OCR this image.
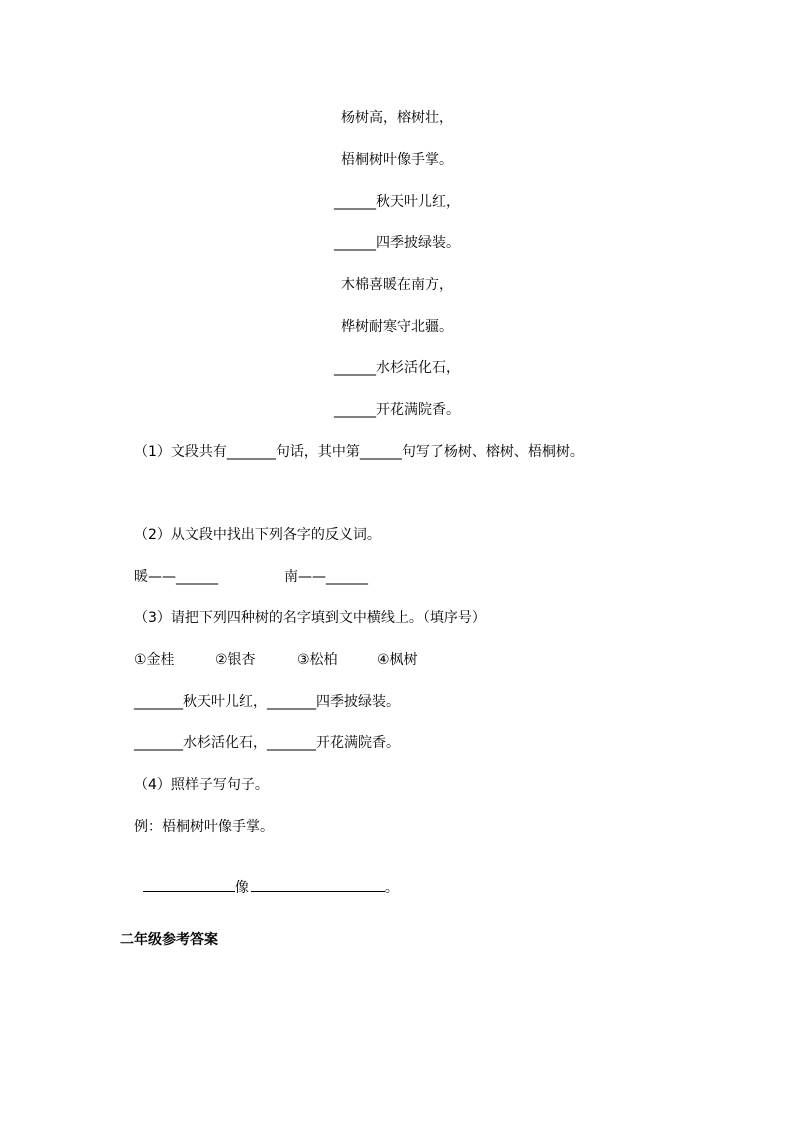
杨树高，榕树壮，
梧桐树叶像手掌。
______秋天叶儿红，
______四季披绿装。
木棉喜暖在南方，
桦树耐寒守北疆。
______水杉活化石，
______开花满院香。
（1）文段共有_______句话，其中第______句写了杨树、榕树、梧桐树。
（2）从文段中找出下列各字的反义词。
暖——______	南——______
（3）请把下列四种树的名字填到文中横线上。（填序号）
①金桂	②银杏	③松柏	④枫树
_______秋天叶儿红，_______四季披绿装。
_______水杉活化石，_______开花满院香。
（4）照样子写句子。
例：梧桐树叶像手掌。

像	。

二年级参考答案
